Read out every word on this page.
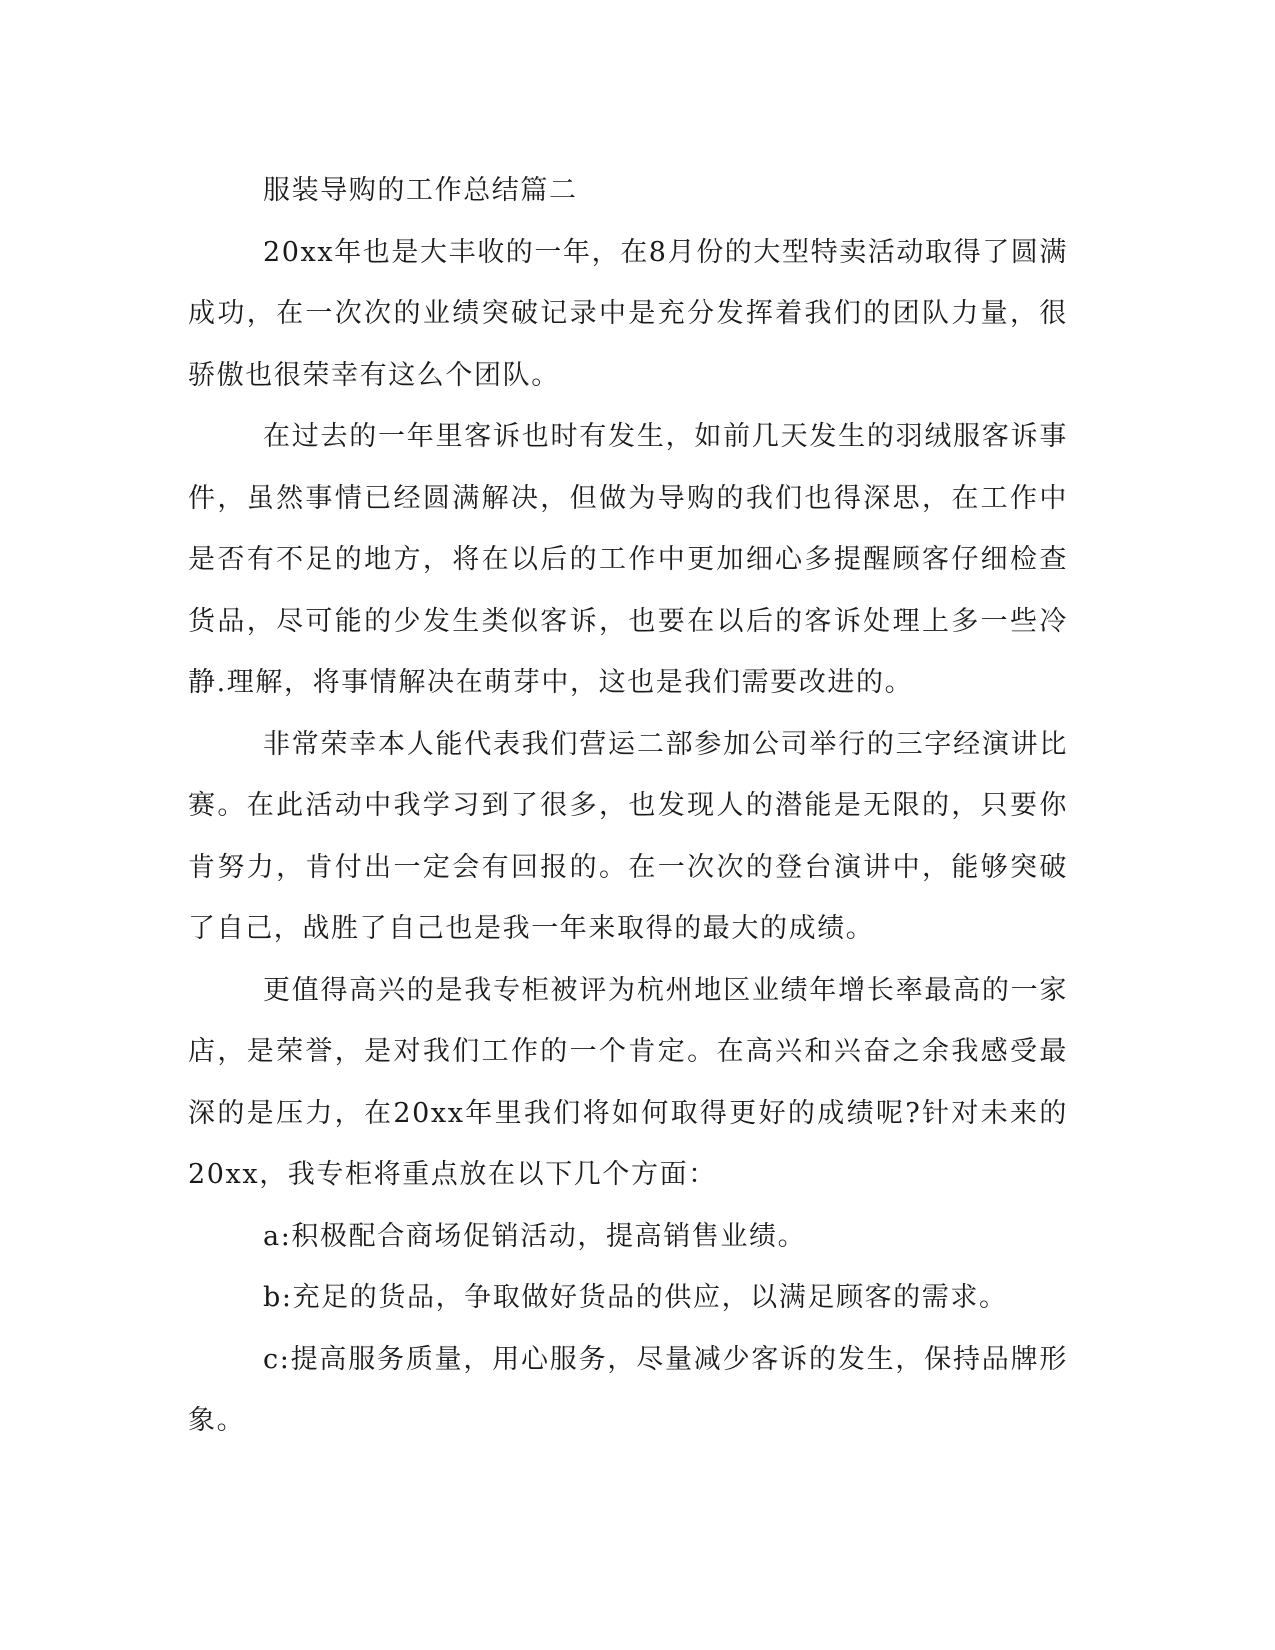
服装导购的工作总结篇二

20xx年也是大丰收的一年，在8月份的大型特卖活动取得了圆满成功，在一次次的业绩突破记录中是充分发挥着我们的团队力量，很骄傲也很荣幸有这么个团队。

在过去的一年里客诉也时有发生，如前几天发生的羽绒服客诉事件，虽然事情已经圆满解决，但做为导购的我们也得深思，在工作中是否有不足的地方，将在以后的工作中更加细心多提醒顾客仔细检查货品，尽可能的少发生类似客诉，也要在以后的客诉处理上多一些冷静.理解，将事情解决在萌芽中，这也是我们需要改进的。

非常荣幸本人能代表我们营运二部参加公司举行的三字经演讲比赛。在此活动中我学习到了很多，也发现人的潜能是无限的，只要你肯努力，肯付出一定会有回报的。在一次次的登台演讲中，能够突破了自己，战胜了自己也是我一年来取得的最大的成绩。

更值得高兴的是我专柜被评为杭州地区业绩年增长率最高的一家店，是荣誉，是对我们工作的一个肯定。在高兴和兴奋之余我感受最深的是压力，在20xx年里我们将如何取得更好的成绩呢?针对未来的20xx，我专柜将重点放在以下几个方面：

a:积极配合商场促销活动，提高销售业绩。

b:充足的货品，争取做好货品的供应，以满足顾客的需求。

c:提高服务质量，用心服务，尽量减少客诉的发生，保持品牌形象。
